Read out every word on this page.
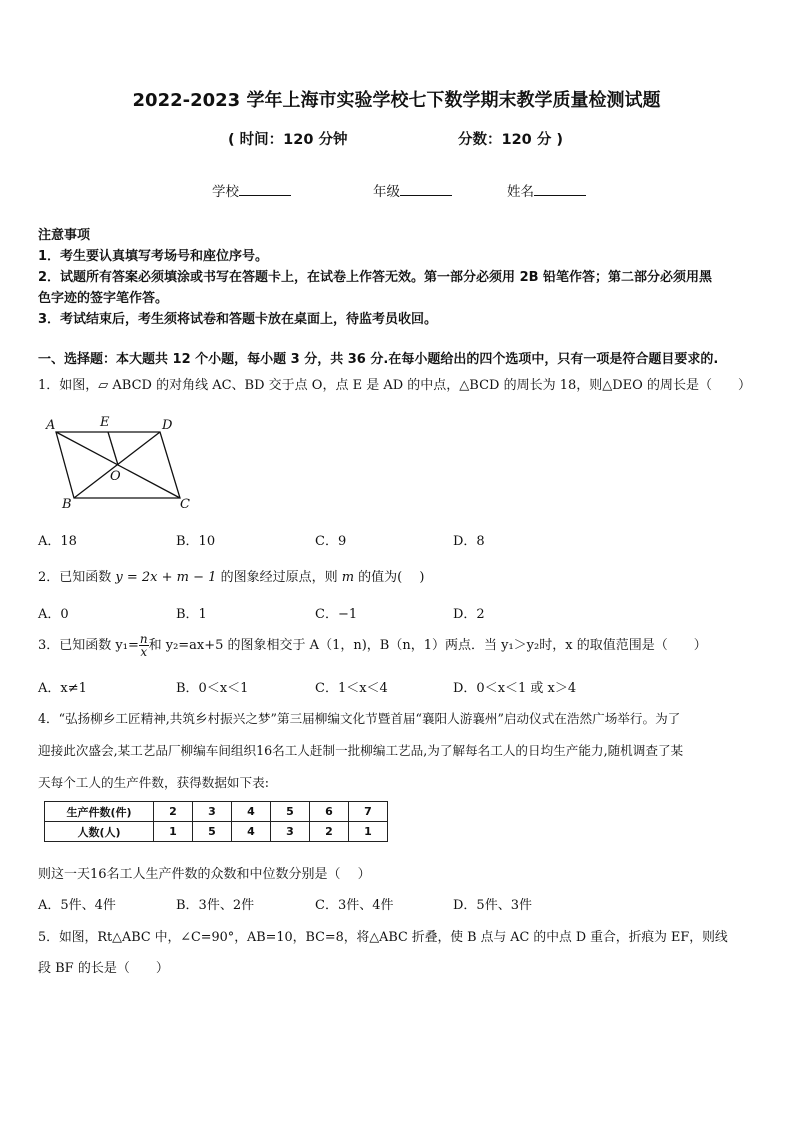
2022-2023 学年上海市实验学校七下数学期末教学质量检测试题
( 时间：120 分钟	分数：120 分 )
学校	年级	姓名
注意事项
1．考生要认真填写考场号和座位序号。
2．试题所有答案必须填涂或书写在答题卡上，在试卷上作答无效。第一部分必须用 2B 铅笔作答；第二部分必须用黑
色字迹的签字笔作答。
3．考试结束后，考生须将试卷和答题卡放在桌面上，待监考员收回。
一、选择题：本大题共 12 个小题，每小题 3 分，共 36 分.在每小题给出的四个选项中，只有一项是符合题目要求的.
1．如图，▱ ABCD 的对角线 AC、BD 交于点 O，点 E 是 AD 的中点，△BCD 的周长为 18，则△DEO 的周长是（　　）
A	E	D
O
B	C
A．18	B．10	C．9	D．8
2．已知函数 y = 2x + m − 1 的图象经过原点，则 m 的值为(　 )
A．0	B．1	C．−1	D．2
3．已知函数 $y_1= \frac{n}{x}$ 和 y₂=ax+5 的图象相交于 A（1，n)，B（n，1）两点．当 y₁＞y₂时，x 的取值范围是（　　）
A．x≠1	B．0＜x＜1	C．1＜x＜4	D．0＜x＜1 或 x＞4
4．“弘扬柳乡工匠精神,共筑乡村振兴之梦”第三届柳编文化节暨首届“襄阳人游襄州”启动仪式在浩然广场举行。为了
迎接此次盛会,某工艺品厂柳编车间组织16名工人赶制一批柳编工艺品,为了解每名工人的日均生产能力,随机调查了某
天每个工人的生产件数，获得数据如下表:
生产件数(件)	2	3	4	5	6	7
人数(人)	1	5	4	3	2	1
则这一天16名工人生产件数的众数和中位数分别是（　 ）
A．5件、4件	B．3件、2件	C．3件、4件	D．5件、3件
5．如图，Rt△ABC 中，∠C=90°，AB=10，BC=8，将△ABC 折叠，使 B 点与 AC 的中点 D 重合，折痕为 EF，则线
段 BF 的长是（　　）
